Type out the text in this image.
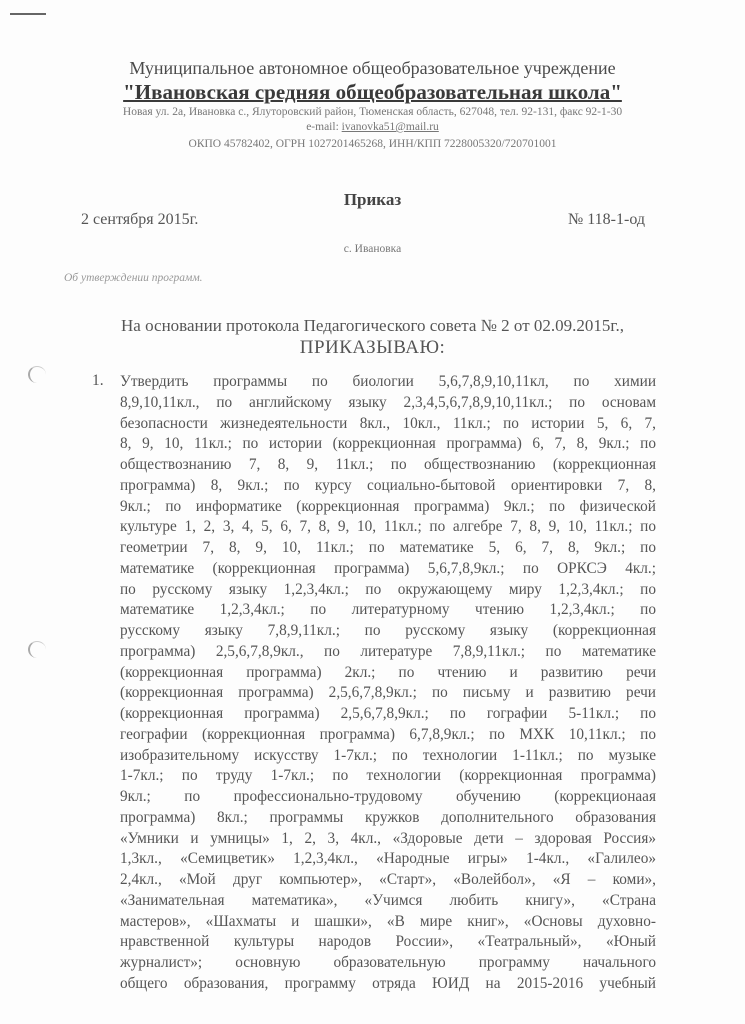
Муниципальное автономное общеобразовательное учреждение
"Ивановская средняя общеобразовательная школа"
Новая ул. 2а, Ивановка с., Ялуторовский район, Тюменская область, 627048, тел. 92-131, факс 92-1-30
e-mail: ivanovka51@mail.ru
ОКПО 45782402, ОГРН 1027201465268, ИНН/КПП 7228005320/720701001
Приказ
2 сентября 2015г.	№ 118-1-од
с. Ивановка
Об утверждении программ.
На основании протокола Педагогического совета № 2 от 02.09.2015г.,
ПРИКАЗЫВАЮ:
1. Утвердить программы по биологии 5,6,7,8,9,10,11кл, по химии
8,9,10,11кл., по английскому языку 2,3,4,5,6,7,8,9,10,11кл.; по основам
безопасности жизнедеятельности 8кл., 10кл., 11кл.; по истории 5, 6, 7,
8, 9, 10, 11кл.; по истории (коррекционная программа) 6, 7, 8, 9кл.; по
обществознанию 7, 8, 9, 11кл.; по обществознанию (коррекционная
программа) 8, 9кл.; по курсу социально-бытовой ориентировки 7, 8,
9кл.; по информатике (коррекционная программа) 9кл.; по физической
культуре 1, 2, 3, 4, 5, 6, 7, 8, 9, 10, 11кл.; по алгебре 7, 8, 9, 10, 11кл.; по
геометрии 7, 8, 9, 10, 11кл.; по математике 5, 6, 7, 8, 9кл.; по
математике (коррекционная программа) 5,6,7,8,9кл.; по ОРКСЭ 4кл.;
по русскому языку 1,2,3,4кл.; по окружающему миру 1,2,3,4кл.; по
математике 1,2,3,4кл.; по литературному чтению 1,2,3,4кл.; по
русскому языку 7,8,9,11кл.; по русскому языку (коррекционная
программа) 2,5,6,7,8,9кл., по литературе 7,8,9,11кл.; по математике
(коррекционная программа) 2кл.; по чтению и развитию речи
(коррекционная программа) 2,5,6,7,8,9кл.; по письму и развитию речи
(коррекционная программа) 2,5,6,7,8,9кл.; по гографии 5-11кл.; по
географии (коррекционная программа) 6,7,8,9кл.; по МХК 10,11кл.; по
изобразительному искусству 1-7кл.; по технологии 1-11кл.; по музыке
1-7кл.; по труду 1-7кл.; по технологии (коррекционная программа)
9кл.; по профессионально-трудовому обучению (коррекционаая
программа) 8кл.; программы кружков дополнительного образования
«Умники и умницы» 1, 2, 3, 4кл., «Здоровые дети – здоровая Россия»
1,3кл., «Семицветик» 1,2,3,4кл., «Народные игры» 1-4кл., «Галилео»
2,4кл., «Мой друг компьютер», «Старт», «Волейбол», «Я – коми»,
«Занимательная математика», «Учимся любить книгу», «Страна
мастеров», «Шахматы и шашки», «В мире книг», «Основы духовно-
нравственной культуры народов России», «Театральный», «Юный
журналист»; основную образовательную программу начального
общего образования, программу отряда ЮИД на 2015-2016 учебный
